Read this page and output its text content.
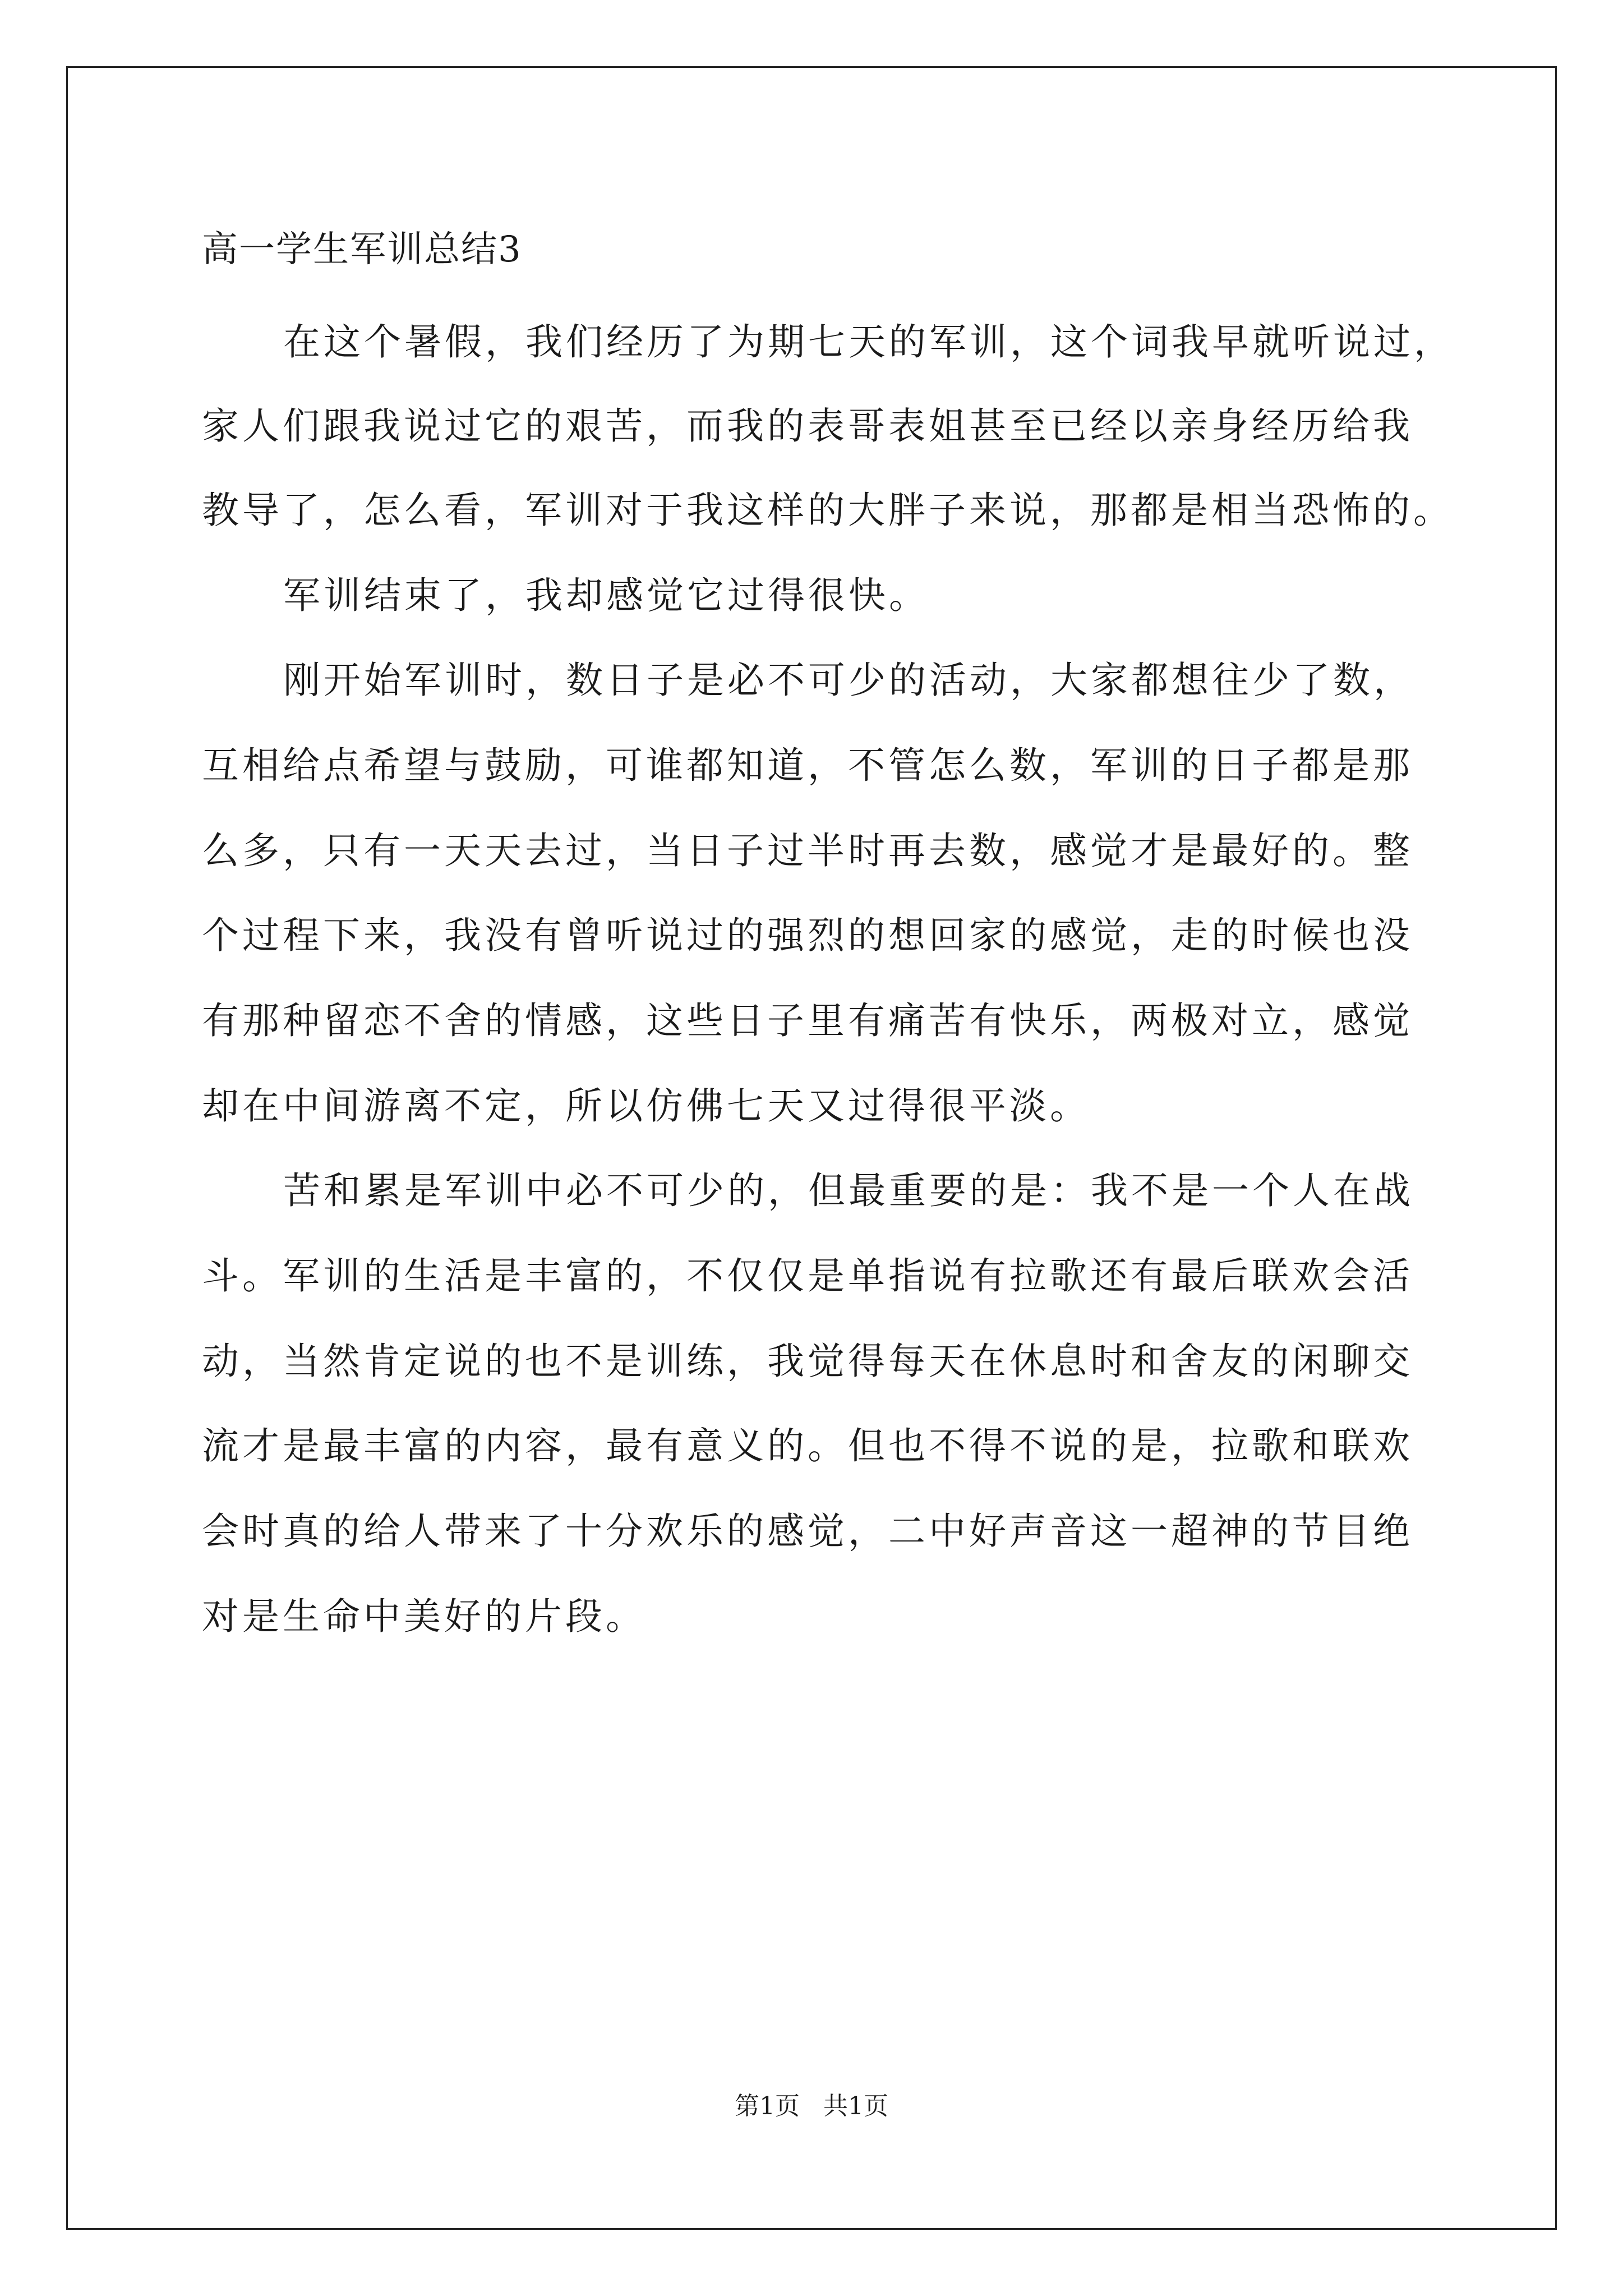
高一学生军训总结3

在这个暑假，我们经历了为期七天的军训，这个词我早就听说过，

家人们跟我说过它的艰苦，而我的表哥表姐甚至已经以亲身经历给我

教导了，怎么看，军训对于我这样的大胖子来说，那都是相当恐怖的。

军训结束了，我却感觉它过得很快。

刚开始军训时，数日子是必不可少的活动，大家都想往少了数，

互相给点希望与鼓励，可谁都知道，不管怎么数，军训的日子都是那

么多，只有一天天去过，当日子过半时再去数，感觉才是最好的。整

个过程下来，我没有曾听说过的强烈的想回家的感觉，走的时候也没

有那种留恋不舍的情感，这些日子里有痛苦有快乐，两极对立，感觉

却在中间游离不定，所以仿佛七天又过得很平淡。

苦和累是军训中必不可少的，但最重要的是：我不是一个人在战

斗。军训的生活是丰富的，不仅仅是单指说有拉歌还有最后联欢会活

动，当然肯定说的也不是训练，我觉得每天在休息时和舍友的闲聊交

流才是最丰富的内容，最有意义的。但也不得不说的是，拉歌和联欢

会时真的给人带来了十分欢乐的感觉，二中好声音这一超神的节目绝

对是生命中美好的片段。

第1页   共1页
